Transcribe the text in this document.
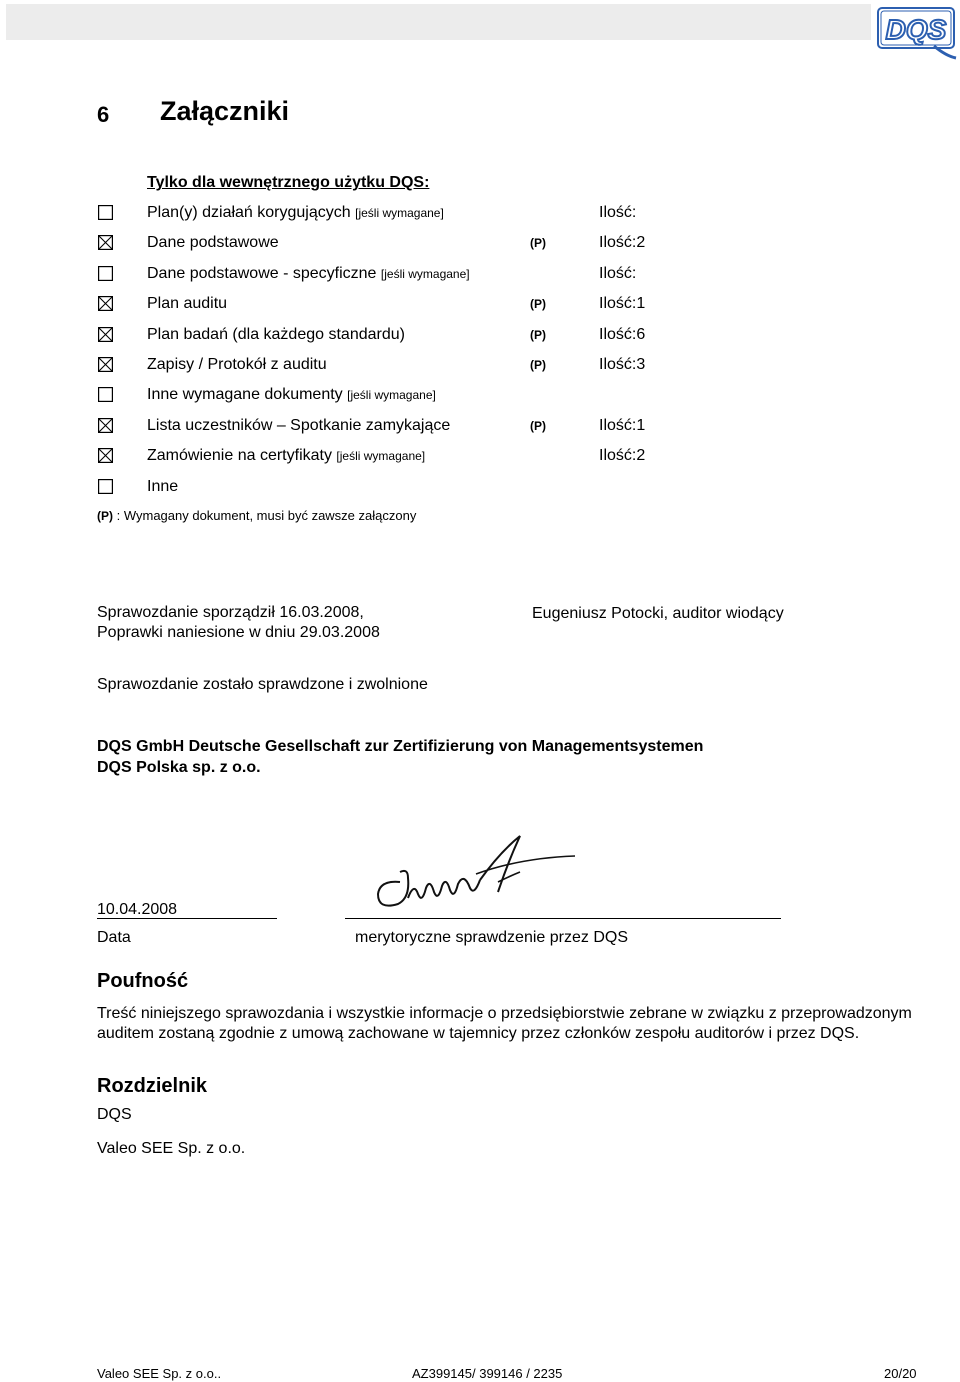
DQS
6 Załączniki
Tylko dla wewnętrznego użytku DQS:
Plan(y) działań korygujących [jeśli wymagane]	Ilość:
Dane podstawowe	(P)	Ilość:2
Dane podstawowe - specyficzne [jeśli wymagane]	Ilość:
Plan auditu	(P)	Ilość:1
Plan badań (dla każdego standardu)	(P)	Ilość:6
Zapisy / Protokół z auditu	(P)	Ilość:3
Inne wymagane dokumenty [jeśli wymagane]
Lista uczestników – Spotkanie zamykające	(P)	Ilość:1
Zamówienie na certyfikaty [jeśli wymagane]	Ilość:2
Inne
(P) : Wymagany dokument, musi być zawsze załączony
Sprawozdanie sporządził 16.03.2008,
Poprawki naniesione w dniu 29.03.2008
Eugeniusz Potocki, auditor wiodący
Sprawozdanie zostało sprawdzone i zwolnione
DQS GmbH Deutsche Gesellschaft zur Zertifizierung von Managementsystemen
DQS Polska sp. z o.o.
10.04.2008
Data	merytoryczne sprawdzenie przez DQS
Poufność
Treść niniejszego sprawozdania i wszystkie informacje o przedsiębiorstwie zebrane w związku z przeprowadzonym auditem zostaną zgodnie z umową zachowane w tajemnicy przez członków zespołu auditorów i przez DQS.
Rozdzielnik
DQS
Valeo SEE Sp. z o.o.
Valeo SEE Sp. z o.o..	AZ399145/ 399146 / 2235	20/20
